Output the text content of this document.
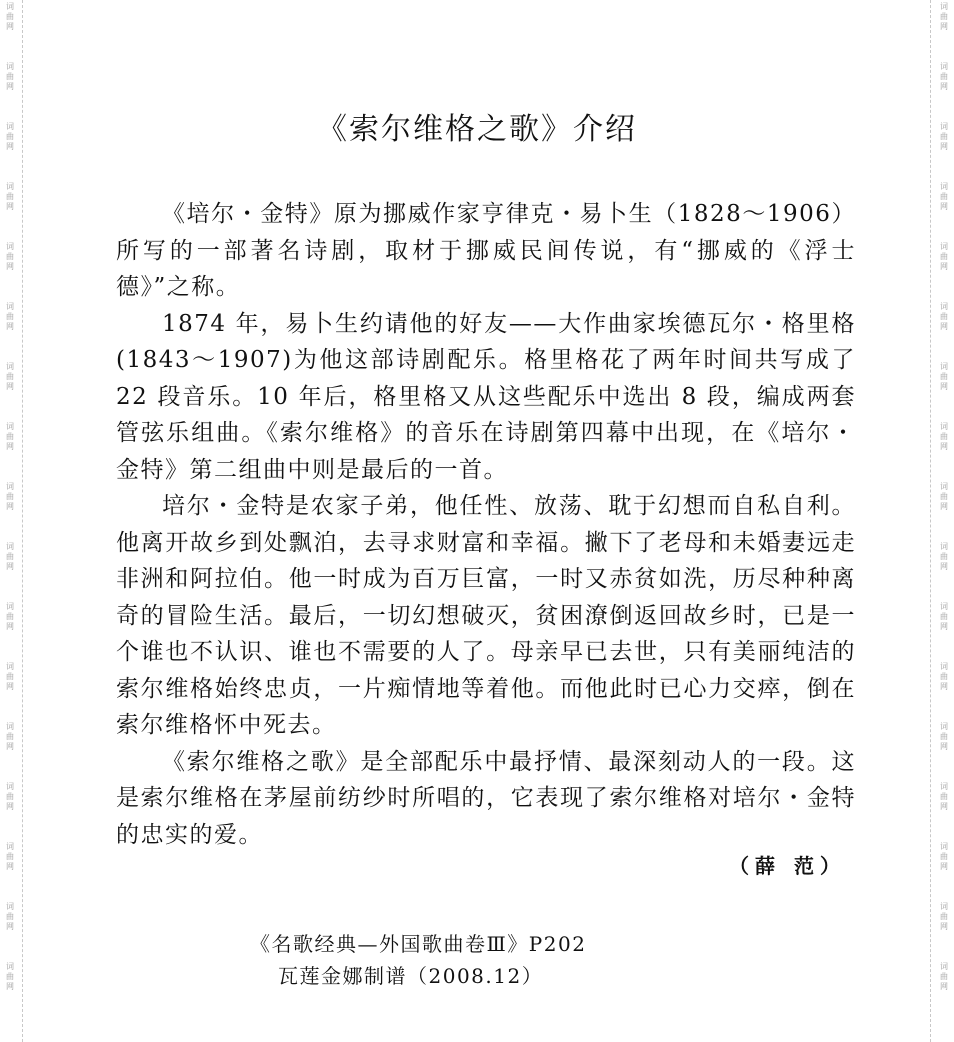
词
曲
网
词
曲
网
词
曲
网
词
曲
网
词
曲
网
词
曲
网
词
曲
网
词
曲
网
词
曲
网
词
曲
网
词
曲
网
词
曲
网
词
曲
网
词
曲
网
词
曲
网
词
曲
网
词
曲
网
词
曲
网
词
曲
网
词
曲
网
词
曲
网
词
曲
网
词
曲
网
词
曲
网
词
曲
网
词
曲
网
词
曲
网
词
曲
网
词
曲
网
词
曲
网
词
曲
网
词
曲
网
词
曲
网
词
曲
网
《索尔维格之歌》介绍

《培尔・金特》原为挪威作家亨律克・易卜生（1828～1906）所写的一部著名诗剧，取材于挪威民间传说，有“挪威的《浮士德》”之称。

1874 年，易卜生约请他的好友——大作曲家埃德瓦尔・格里格(1843～1907)为他这部诗剧配乐。格里格花了两年时间共写成了 22 段音乐。10 年后，格里格又从这些配乐中选出 8 段，编成两套管弦乐组曲。《索尔维格》的音乐在诗剧第四幕中出现，在《培尔・金特》第二组曲中则是最后的一首。

培尔・金特是农家子弟，他任性、放荡、耽于幻想而自私自利。他离开故乡到处飘泊，去寻求财富和幸福。撇下了老母和未婚妻远走非洲和阿拉伯。他一时成为百万巨富，一时又赤贫如洗，历尽种种离奇的冒险生活。最后，一切幻想破灭，贫困潦倒返回故乡时，已是一个谁也不认识、谁也不需要的人了。母亲早已去世，只有美丽纯洁的索尔维格始终忠贞，一片痴情地等着他。而他此时已心力交瘁，倒在索尔维格怀中死去。

《索尔维格之歌》是全部配乐中最抒情、最深刻动人的一段。这是索尔维格在茅屋前纺纱时所唱的，它表现了索尔维格对培尔・金特的忠实的爱。

（薛 范）
《名歌经典—外国歌曲卷Ⅲ》P202
瓦莲金娜制谱（2008.12）
